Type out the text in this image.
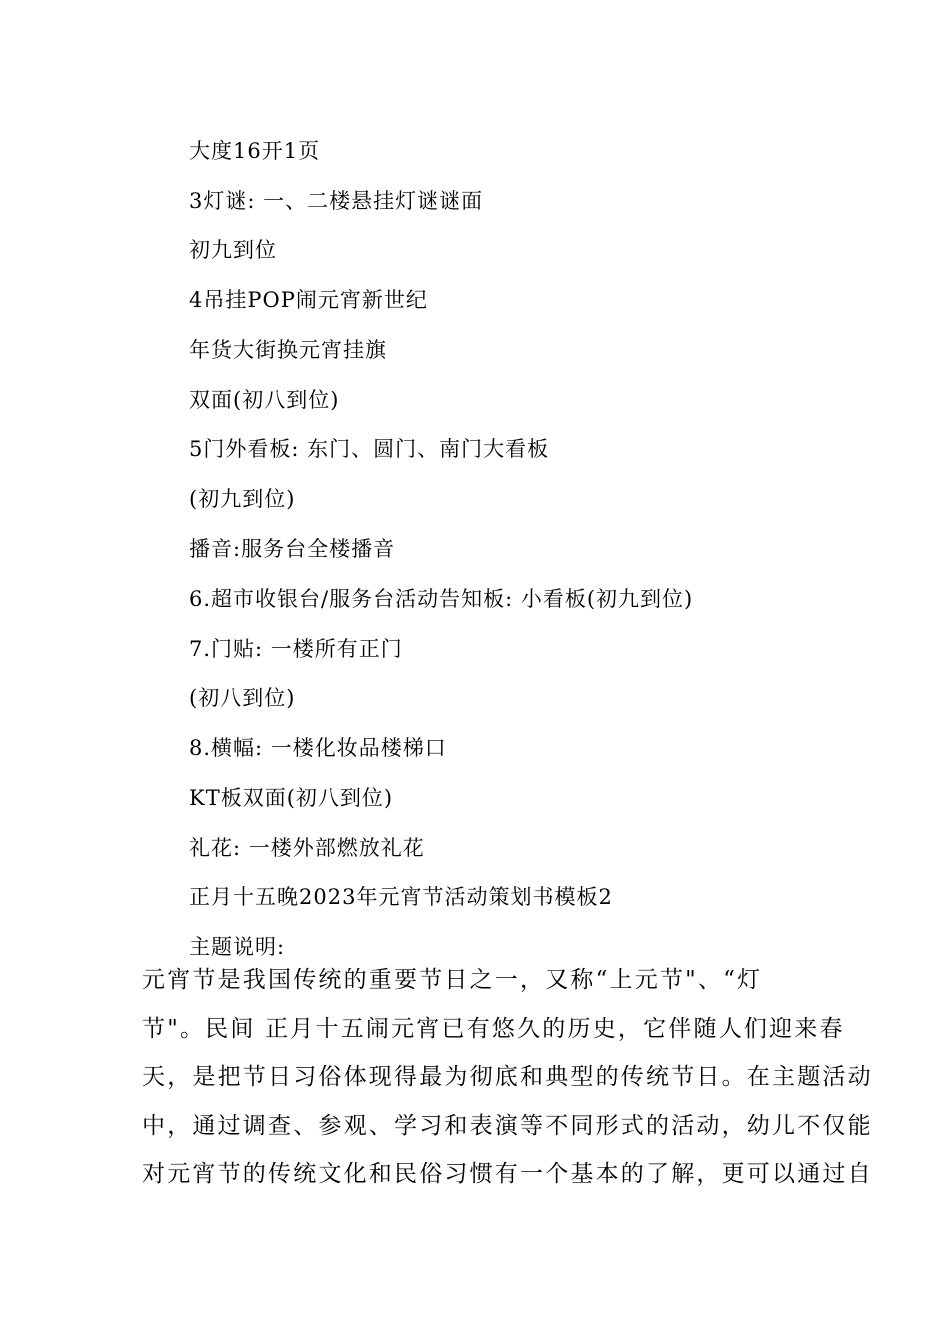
大度16开1页
3灯谜: 一、二楼悬挂灯谜谜面
初九到位
4吊挂POP闹元宵新世纪
年货大街换元宵挂旗
双面(初八到位)
5门外看板: 东门、圆门、南门大看板
(初九到位)
播音:服务台全楼播音
6.超市收银台/服务台活动告知板: 小看板(初九到位)
7.门贴: 一楼所有正门
(初八到位)
8.横幅: 一楼化妆品楼梯口
KT板双面(初八到位)
礼花: 一楼外部燃放礼花
正月十五晚2023年元宵节活动策划书模板2
主题说明:
元宵节是我国传统的重要节日之一，又称“上元节"、“灯
节"。民间 正月十五闹元宵已有悠久的历史，它伴随人们迎来春
天，是把节日习俗体现得最为彻底和典型的传统节日。在主题活动
中，通过调查、参观、学习和表演等不同形式的活动，幼儿不仅能
对元宵节的传统文化和民俗习惯有一个基本的了解，更可以通过自
